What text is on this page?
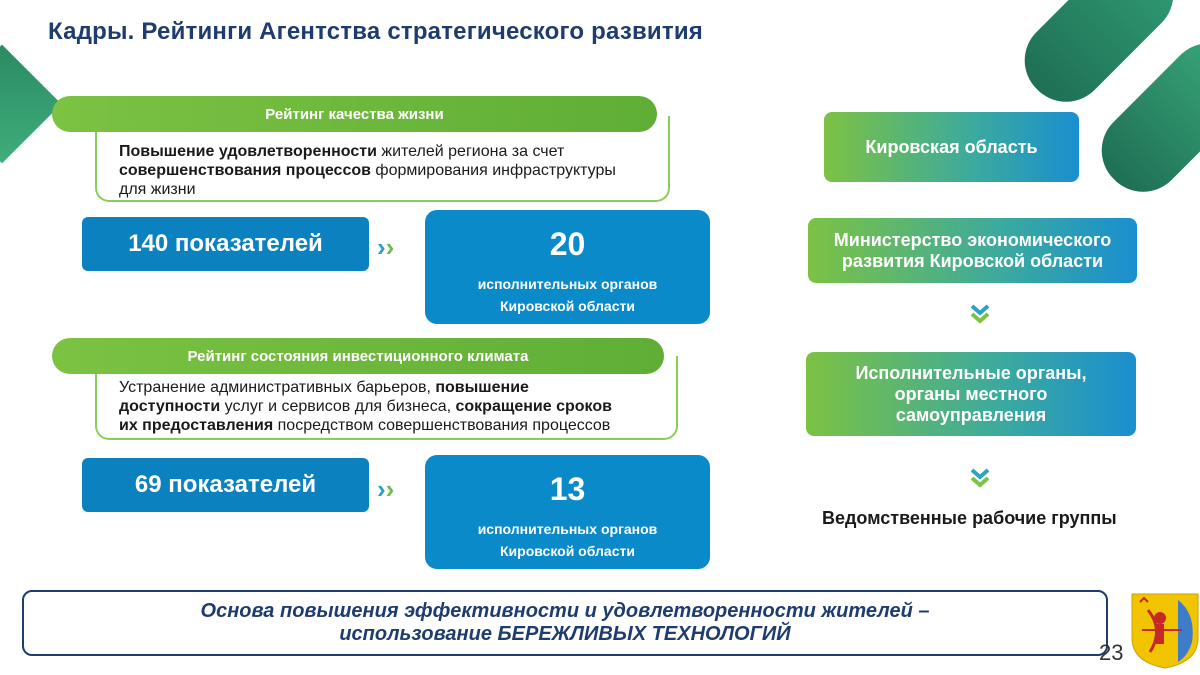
Кадры. Рейтинги Агентства стратегического развития
Повышение удовлетворенности жителей региона за счет
совершенствования процессов формирования инфраструктуры
для жизни
Рейтинг качества жизни
140 показателей	››	20
исполнительных органов
Кировской области
Устранение административных барьеров, повышение
доступности услуг и сервисов для бизнеса, сокращение сроков
их предоставления посредством совершенствования процессов
Рейтинг состояния инвестиционного климата
69 показателей	››	13
исполнительных органов
Кировской области
Кировская область
Министерство экономического
развития Кировской области
Исполнительные органы,
органы местного
самоуправления
Ведомственные рабочие группы
Основа повышения эффективности и удовлетворенности жителей –
использование БЕРЕЖЛИВЫХ ТЕХНОЛОГИЙ
23
